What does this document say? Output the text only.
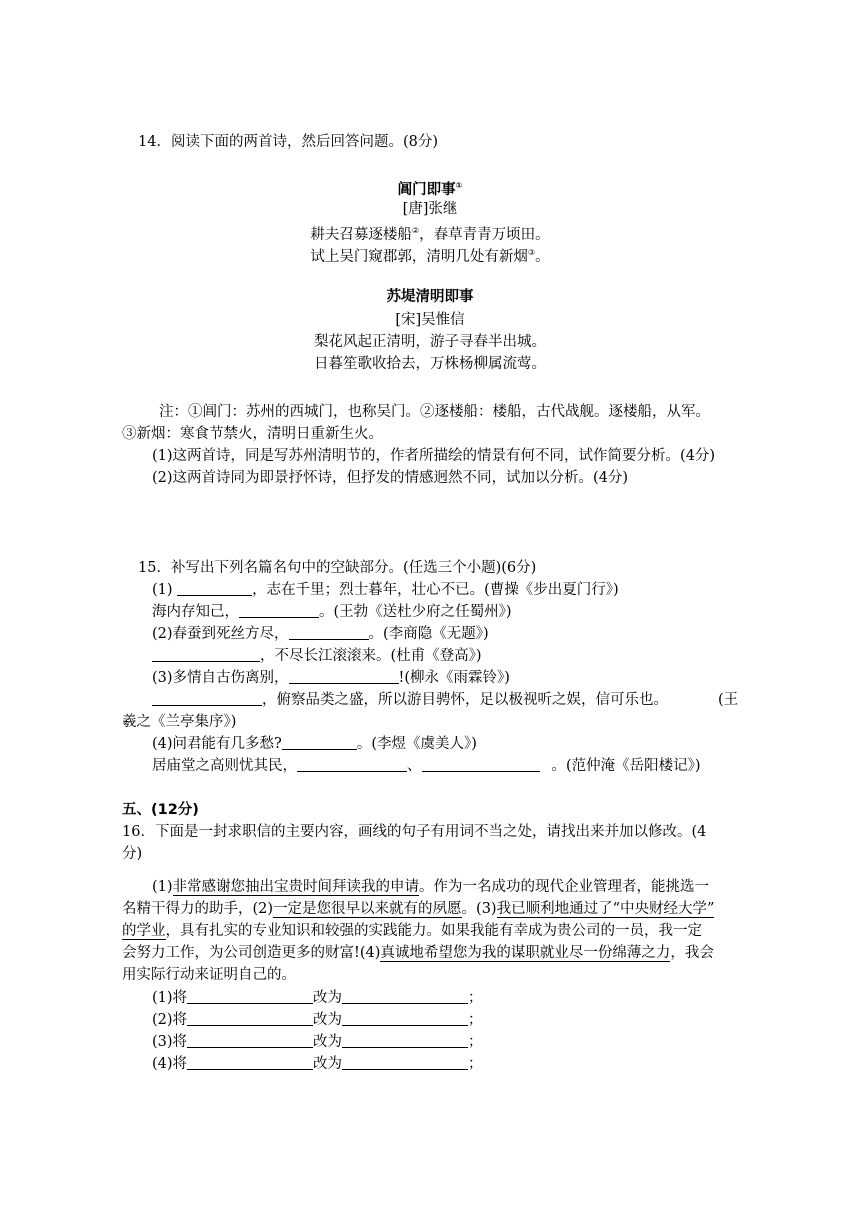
14．阅读下面的两首诗，然后回答问题。(8分)
阊门即事①
[唐]张继
耕夫召募逐楼船②，春草青青万顷田。
试上吴门窥郡郭，清明几处有新烟③。
苏堤清明即事
[宋]吴惟信
梨花风起正清明，游子寻春半出城。
日暮笙歌收拾去，万株杨柳属流莺。
注：①阊门：苏州的西城门，也称吴门。②逐楼船：楼船，古代战舰。逐楼船，从军。
③新烟：寒食节禁火，清明日重新生火。
(1)这两首诗，同是写苏州清明节的，作者所描绘的情景有何不同，试作简要分析。(4分)
(2)这两首诗同为即景抒怀诗，但抒发的情感迥然不同，试加以分析。(4分)
15．补写出下列名篇名句中的空缺部分。(任选三个小题)(6分)
(1)	，志在千里；烈士暮年，壮心不已。(曹操《步出夏门行》)
海内存知己，	。(王勃《送杜少府之任蜀州》)
(2)春蚕到死丝方尽，	。(李商隐《无题》)
，不尽长江滚滚来。(杜甫《登高》)
(3)多情自古伤离别，	!(柳永《雨霖铃》)
，俯察品类之盛，所以游目骋怀，足以极视听之娱，信可乐也。	(王
羲之《兰亭集序》)
(4)问君能有几多愁?	。(李煜《虞美人》)
居庙堂之高则忧其民，	、	。(范仲淹《岳阳楼记》)
五、(12分)
16．下面是一封求职信的主要内容，画线的句子有用词不当之处，请找出来并加以修改。(4
分)
(1)非常感谢您抽出宝贵时间拜读我的申请。作为一名成功的现代企业管理者，能挑选一
名精干得力的助手，(2)一定是您很早以来就有的夙愿。(3)我已顺利地通过了“中央财经大学”
的学业，具有扎实的专业知识和较强的实践能力。如果我能有幸成为贵公司的一员，我一定
会努力工作，为公司创造更多的财富!(4)真诚地希望您为我的谋职就业尽一份绵薄之力，我会
用实际行动来证明自己的。
(1)将	改为	；
(2)将	改为	；
(3)将	改为	；
(4)将	改为	；
